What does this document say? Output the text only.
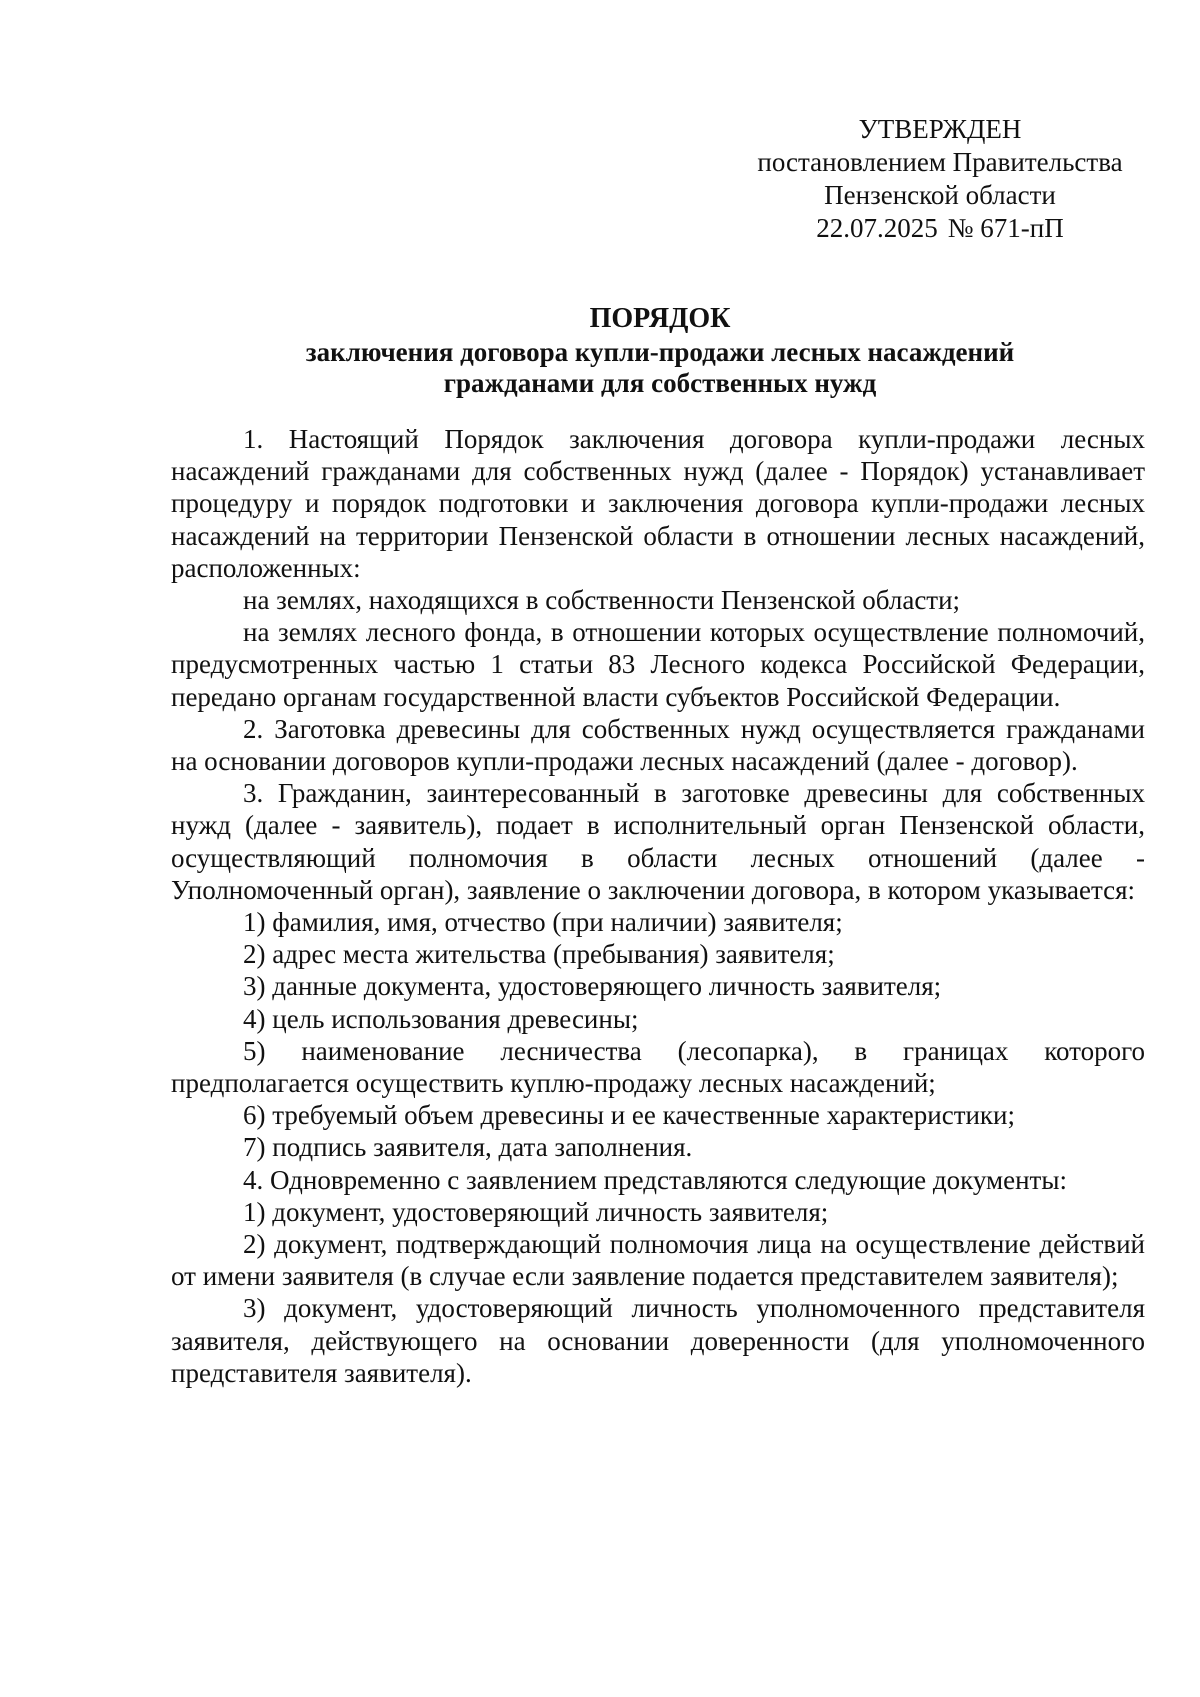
УТВЕРЖДЕН
постановлением Правительства
Пензенской области
22.07.2025 № 671-пП
ПОРЯДОК
заключения договора купли-продажи лесных насаждений
гражданами для собственных нужд

1. Настоящий Порядок заключения договора купли-продажи лесных насаждений гражданами для собственных нужд (далее - Порядок) устанавливает процедуру и порядок подготовки и заключения договора купли-продажи лесных насаждений на территории Пензенской области в отношении лесных насаждений, расположенных:

на землях, находящихся в собственности Пензенской области;

на землях лесного фонда, в отношении которых осуществление полномочий, предусмотренных частью 1 статьи 83 Лесного кодекса Российской Федерации, передано органам государственной власти субъектов Российской Федерации.

2. Заготовка древесины для собственных нужд осуществляется гражданами на основании договоров купли-продажи лесных насаждений (далее - договор).

3. Гражданин, заинтересованный в заготовке древесины для собственных нужд (далее - заявитель), подает в исполнительный орган Пензенской области, осуществляющий полномочия в области лесных отношений (далее - Уполномоченный орган), заявление о заключении договора, в котором указывается:

1) фамилия, имя, отчество (при наличии) заявителя;

2) адрес места жительства (пребывания) заявителя;

3) данные документа, удостоверяющего личность заявителя;

4) цель использования древесины;

5) наименование лесничества (лесопарка), в границах которого предполагается осуществить куплю-продажу лесных насаждений;

6) требуемый объем древесины и ее качественные характеристики;

7) подпись заявителя, дата заполнения.

4. Одновременно с заявлением представляются следующие документы:

1) документ, удостоверяющий личность заявителя;

2) документ, подтверждающий полномочия лица на осуществление действий от имени заявителя (в случае если заявление подается представителем заявителя);

3) документ, удостоверяющий личность уполномоченного представителя заявителя, действующего на основании доверенности (для уполномоченного представителя заявителя).
